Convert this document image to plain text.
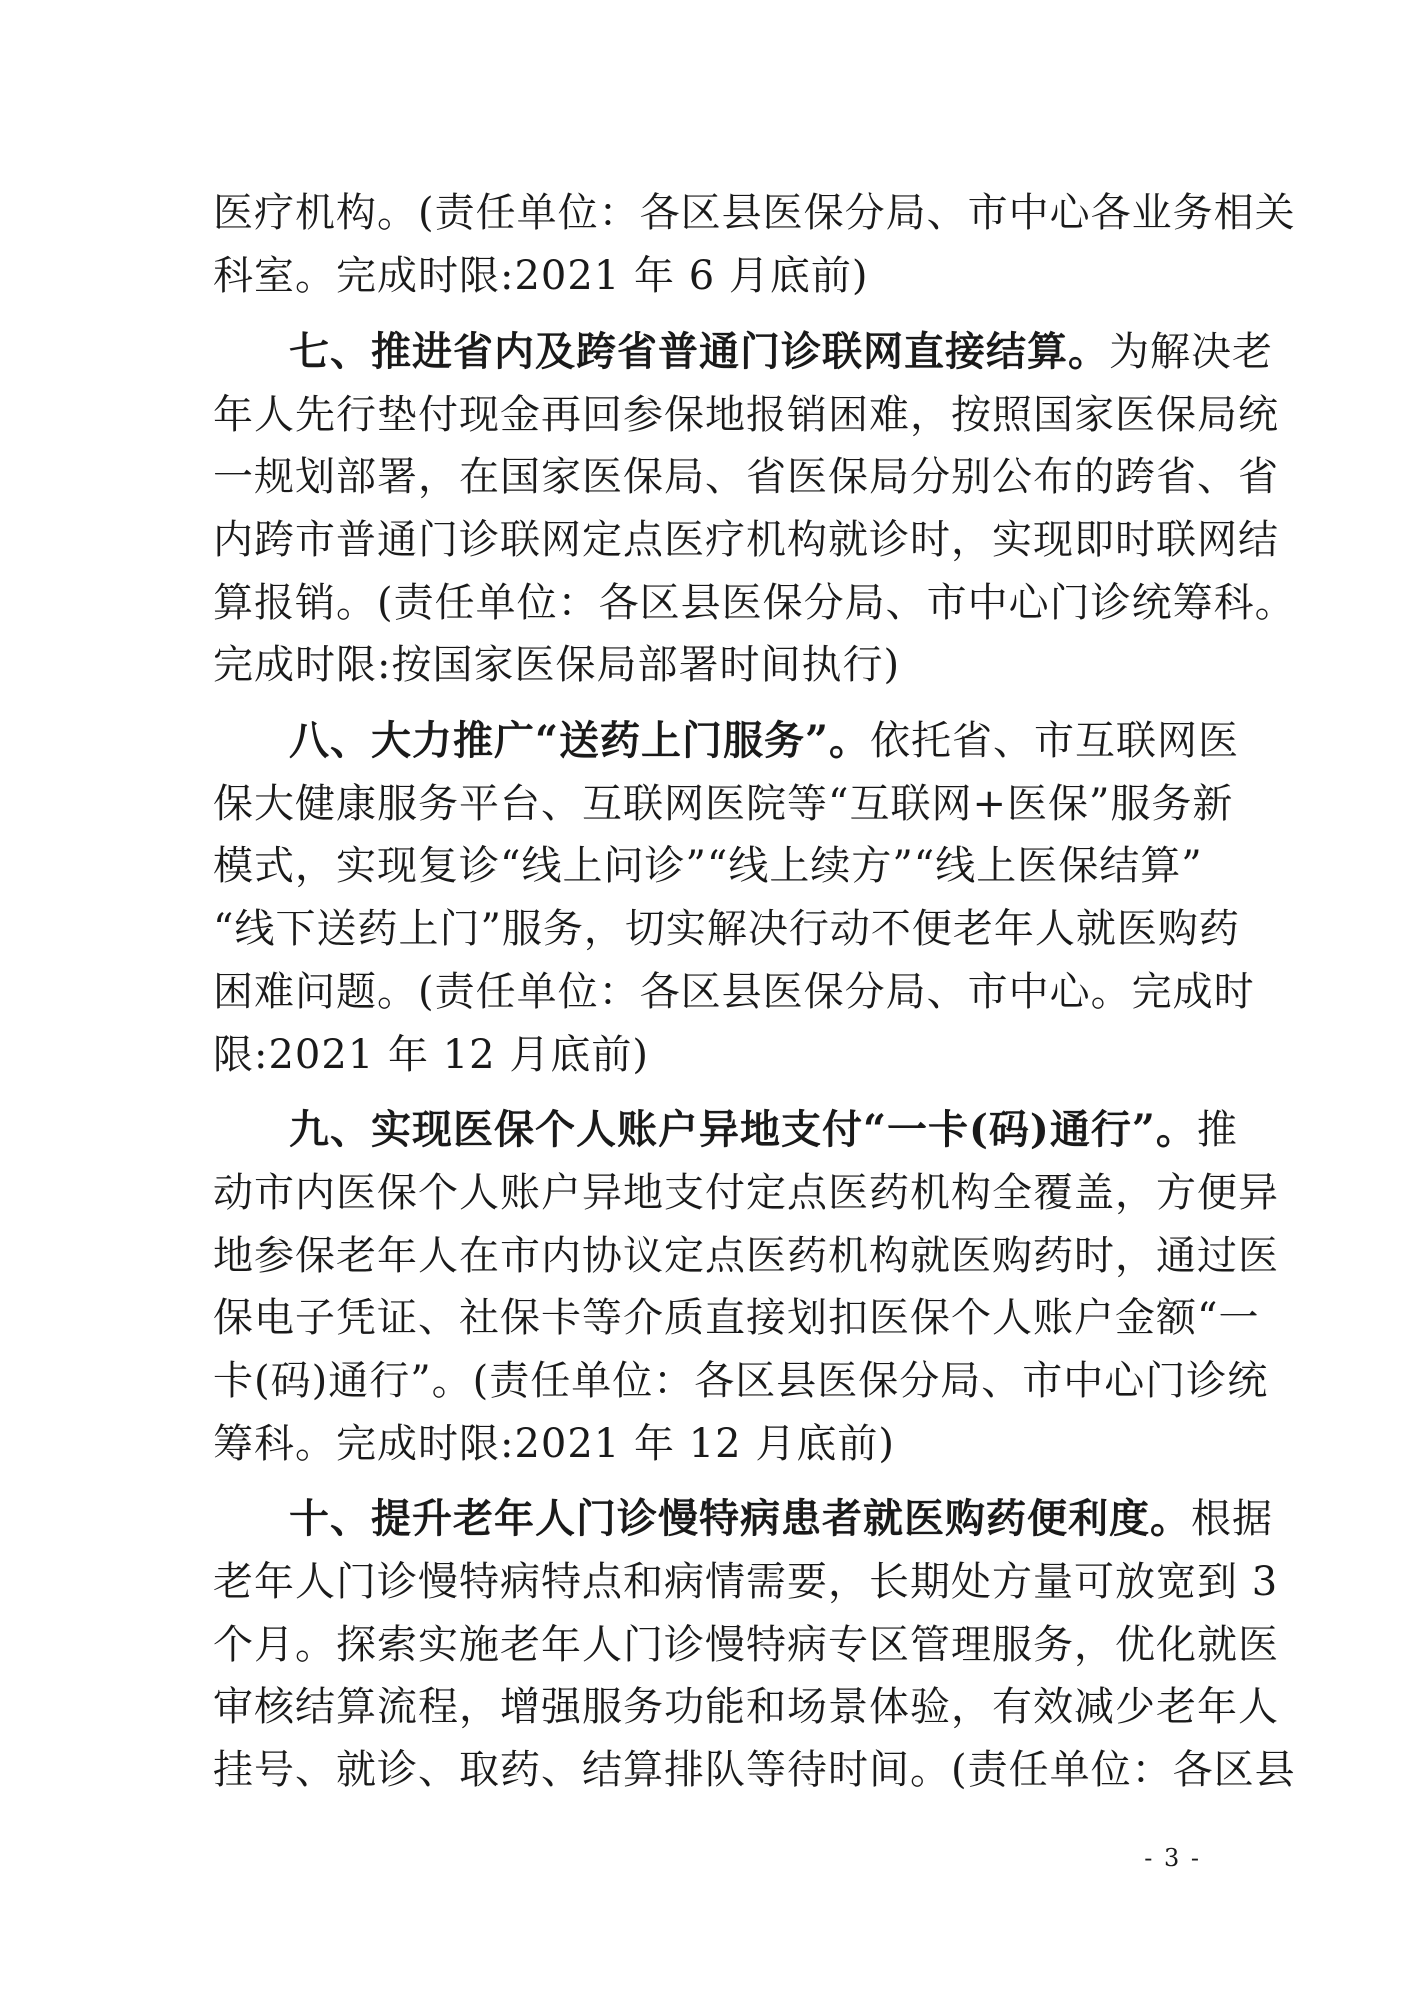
医疗机构。(责任单位：各区县医保分局、市中心各业务相关
科室。完成时限:2021 年 6 月底前)
七、推进省内及跨省普通门诊联网直接结算。为解决老
年人先行垫付现金再回参保地报销困难，按照国家医保局统
一规划部署，在国家医保局、省医保局分别公布的跨省、省
内跨市普通门诊联网定点医疗机构就诊时，实现即时联网结
算报销。(责任单位：各区县医保分局、市中心门诊统筹科。
完成时限:按国家医保局部署时间执行)
八、大力推广“送药上门服务”。依托省、市互联网医
保大健康服务平台、互联网医院等“互联网+医保”服务新
模式，实现复诊“线上问诊”“线上续方”“线上医保结算”
“线下送药上门”服务，切实解决行动不便老年人就医购药
困难问题。(责任单位：各区县医保分局、市中心。完成时
限:2021 年 12 月底前)
九、实现医保个人账户异地支付“一卡(码)通行”。推
动市内医保个人账户异地支付定点医药机构全覆盖，方便异
地参保老年人在市内协议定点医药机构就医购药时，通过医
保电子凭证、社保卡等介质直接划扣医保个人账户金额“一
卡(码)通行”。(责任单位：各区县医保分局、市中心门诊统
筹科。完成时限:2021 年 12 月底前)
十、提升老年人门诊慢特病患者就医购药便利度。根据
老年人门诊慢特病特点和病情需要，长期处方量可放宽到 3
个月。探索实施老年人门诊慢特病专区管理服务，优化就医
审核结算流程，增强服务功能和场景体验，有效减少老年人
挂号、就诊、取药、结算排队等待时间。(责任单位：各区县
- 3 -
